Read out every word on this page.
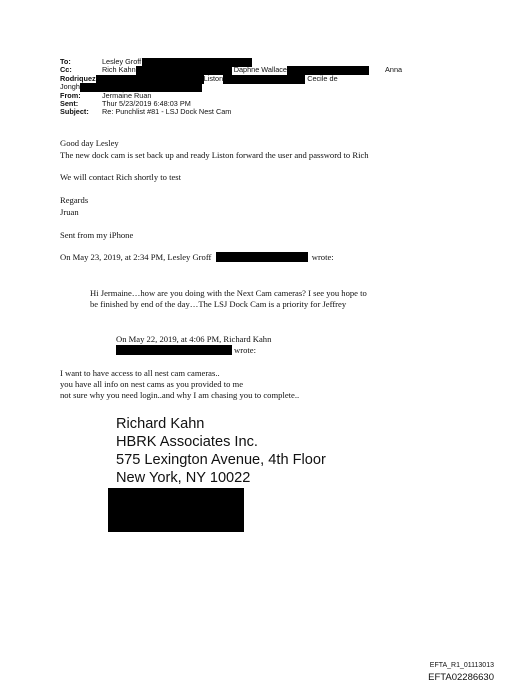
To:	Lesley Groff
Cc:	Rich Kahn	Daphne Wallace	Anna
Rodriquez	Liston	Cecile de
Jongh
From:	Jermaine Ruan
Sent:	Thur 5/23/2019 6:48:03 PM
Subject: Re: Punchlist #81 - LSJ Dock Nest Cam
Good day Lesley
The new dock cam is set back up and ready Liston forward the user and password to Rich
We will contact Rich shortly to test
Regards
Jruan
Sent from my iPhone
On May 23, 2019, at 2:34 PM, Lesley Groff	wrote:
Hi Jermaine…how are you doing with the Next Cam cameras? I see you hope to
be finished by end of the day…The LSJ Dock Cam is a priority for Jeffrey
On May 22, 2019, at 4:06 PM, Richard Kahn
wrote:
I want to have access to all nest cam cameras..
you have all info on nest cams as you provided to me
not sure why you need login..and why I am chasing you to complete..
Richard Kahn
HBRK Associates Inc.
575 Lexington Avenue, 4th Floor
New York, NY 10022
EFTA_R1_01113013
EFTA02286630
